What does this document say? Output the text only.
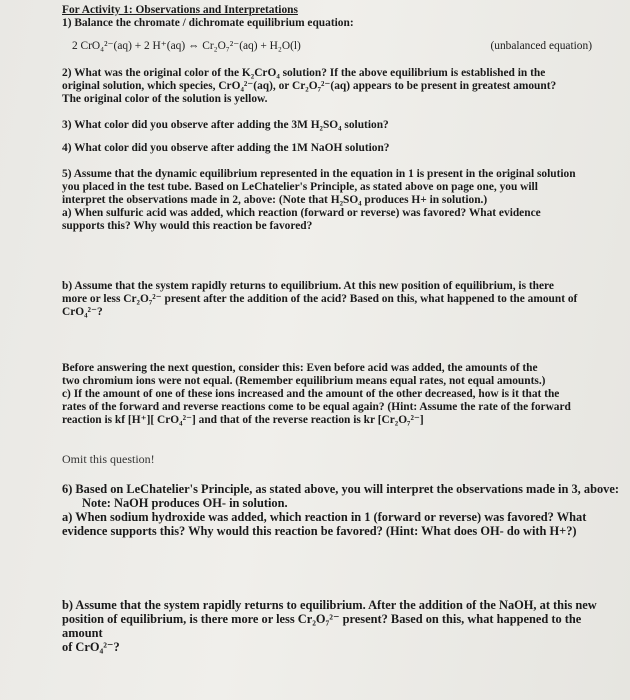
For Activity 1: Observations and Interpretations
1) Balance the chromate / dichromate equilibrium equation:
2 CrO₄²⁻(aq) + 2 H⁺(aq) ⇔ Cr₂O₇²⁻(aq) + H₂O(l)	(unbalanced equation)
2) What was the original color of the K₂CrO₄ solution? If the above equilibrium is established in the
original solution, which species, CrO₄²⁻(aq), or Cr₂O₇²⁻(aq) appears to be present in greatest amount?
The original color of the solution is yellow.
3) What color did you observe after adding the 3M H₂SO₄ solution?
4) What color did you observe after adding the 1M NaOH solution?
5) Assume that the dynamic equilibrium represented in the equation in 1 is present in the original solution
you placed in the test tube. Based on LeChatelier's Principle, as stated above on page one, you will
interpret the observations made in 2, above: (Note that H₂SO₄ produces H+ in solution.)
a) When sulfuric acid was added, which reaction (forward or reverse) was favored? What evidence
supports this? Why would this reaction be favored?
b) Assume that the system rapidly returns to equilibrium. At this new position of equilibrium, is there
more or less Cr₂O₇²⁻ present after the addition of the acid? Based on this, what happened to the amount of
CrO₄²⁻?
Before answering the next question, consider this: Even before acid was added, the amounts of the
two chromium ions were not equal. (Remember equilibrium means equal rates, not equal amounts.)
c) If the amount of one of these ions increased and the amount of the other decreased, how is it that the
rates of the forward and reverse reactions come to be equal again? (Hint: Assume the rate of the forward
reaction is kf [H⁺][ CrO₄²⁻] and that of the reverse reaction is kr [Cr₂O₇²⁻]
Omit this question!
6) Based on LeChatelier's Principle, as stated above, you will interpret the observations made in 3, above:
Note: NaOH produces OH- in solution.
a) When sodium hydroxide was added, which reaction in 1 (forward or reverse) was favored? What
evidence supports this? Why would this reaction be favored? (Hint: What does OH- do with H+?)
b) Assume that the system rapidly returns to equilibrium. After the addition of the NaOH, at this new
position of equilibrium, is there more or less Cr₂O₇²⁻ present? Based on this, what happened to the amount
of CrO₄²⁻?
